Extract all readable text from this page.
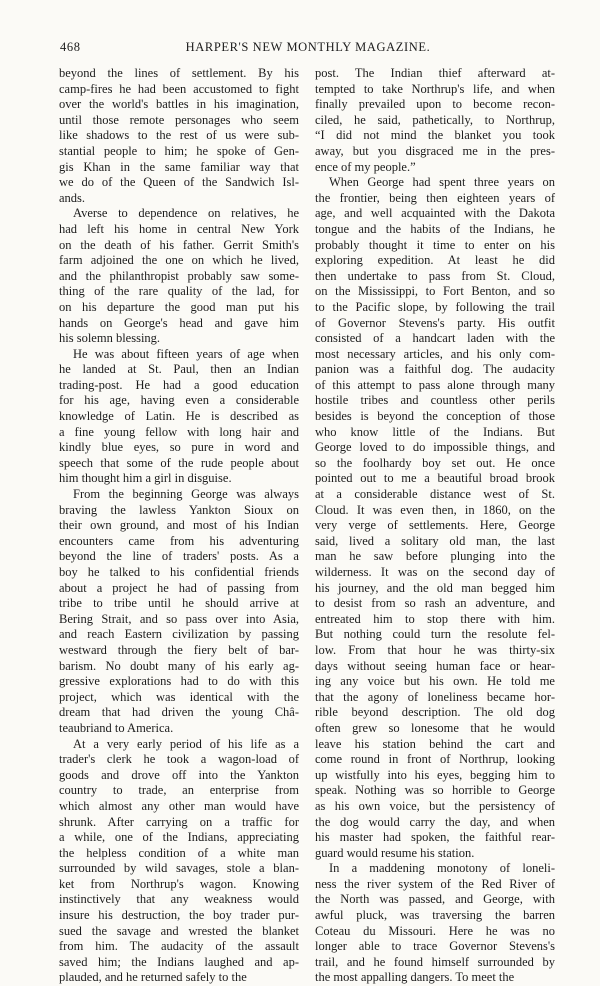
468	HARPER'S NEW MONTHLY MAGAZINE.
beyond the lines of settlement. By his
camp-fires he had been accustomed to fight
over the world's battles in his imagination,
until those remote personages who seem
like shadows to the rest of us were sub-
stantial people to him; he spoke of Gen-
gis Khan in the same familiar way that
we do of the Queen of the Sandwich Isl-
ands.
Averse to dependence on relatives, he
had left his home in central New York
on the death of his father. Gerrit Smith's
farm adjoined the one on which he lived,
and the philanthropist probably saw some-
thing of the rare quality of the lad, for
on his departure the good man put his
hands on George's head and gave him
his solemn blessing.
He was about fifteen years of age when
he landed at St. Paul, then an Indian
trading-post. He had a good education
for his age, having even a considerable
knowledge of Latin. He is described as
a fine young fellow with long hair and
kindly blue eyes, so pure in word and
speech that some of the rude people about
him thought him a girl in disguise.
From the beginning George was always
braving the lawless Yankton Sioux on
their own ground, and most of his Indian
encounters came from his adventuring
beyond the line of traders' posts. As a
boy he talked to his confidential friends
about a project he had of passing from
tribe to tribe until he should arrive at
Bering Strait, and so pass over into Asia,
and reach Eastern civilization by passing
westward through the fiery belt of bar-
barism. No doubt many of his early ag-
gressive explorations had to do with this
project, which was identical with the
dream that had driven the young Châ-
teaubriand to America.
At a very early period of his life as a
trader's clerk he took a wagon-load of
goods and drove off into the Yankton
country to trade, an enterprise from
which almost any other man would have
shrunk. After carrying on a traffic for
a while, one of the Indians, appreciating
the helpless condition of a white man
surrounded by wild savages, stole a blan-
ket from Northrup's wagon. Knowing
instinctively that any weakness would
insure his destruction, the boy trader pur-
sued the savage and wrested the blanket
from him. The audacity of the assault
saved him; the Indians laughed and ap-
plauded, and he returned safely to the
post. The Indian thief afterward at-
tempted to take Northrup's life, and when
finally prevailed upon to become recon-
ciled, he said, pathetically, to Northrup,
“I did not mind the blanket you took
away, but you disgraced me in the pres-
ence of my people.”
When George had spent three years on
the frontier, being then eighteen years of
age, and well acquainted with the Dakota
tongue and the habits of the Indians, he
probably thought it time to enter on his
exploring expedition. At least he did
then undertake to pass from St. Cloud,
on the Mississippi, to Fort Benton, and so
to the Pacific slope, by following the trail
of Governor Stevens's party. His outfit
consisted of a handcart laden with the
most necessary articles, and his only com-
panion was a faithful dog. The audacity
of this attempt to pass alone through many
hostile tribes and countless other perils
besides is beyond the conception of those
who know little of the Indians. But
George loved to do impossible things, and
so the foolhardy boy set out. He once
pointed out to me a beautiful broad brook
at a considerable distance west of St.
Cloud. It was even then, in 1860, on the
very verge of settlements. Here, George
said, lived a solitary old man, the last
man he saw before plunging into the
wilderness. It was on the second day of
his journey, and the old man begged him
to desist from so rash an adventure, and
entreated him to stop there with him.
But nothing could turn the resolute fel-
low. From that hour he was thirty-six
days without seeing human face or hear-
ing any voice but his own. He told me
that the agony of loneliness became hor-
rible beyond description. The old dog
often grew so lonesome that he would
leave his station behind the cart and
come round in front of Northrup, looking
up wistfully into his eyes, begging him to
speak. Nothing was so horrible to George
as his own voice, but the persistency of
the dog would carry the day, and when
his master had spoken, the faithful rear-
guard would resume his station.
In a maddening monotony of loneli-
ness the river system of the Red River of
the North was passed, and George, with
awful pluck, was traversing the barren
Coteau du Missouri. Here he was no
longer able to trace Governor Stevens's
trail, and he found himself surrounded by
the most appalling dangers. To meet the
